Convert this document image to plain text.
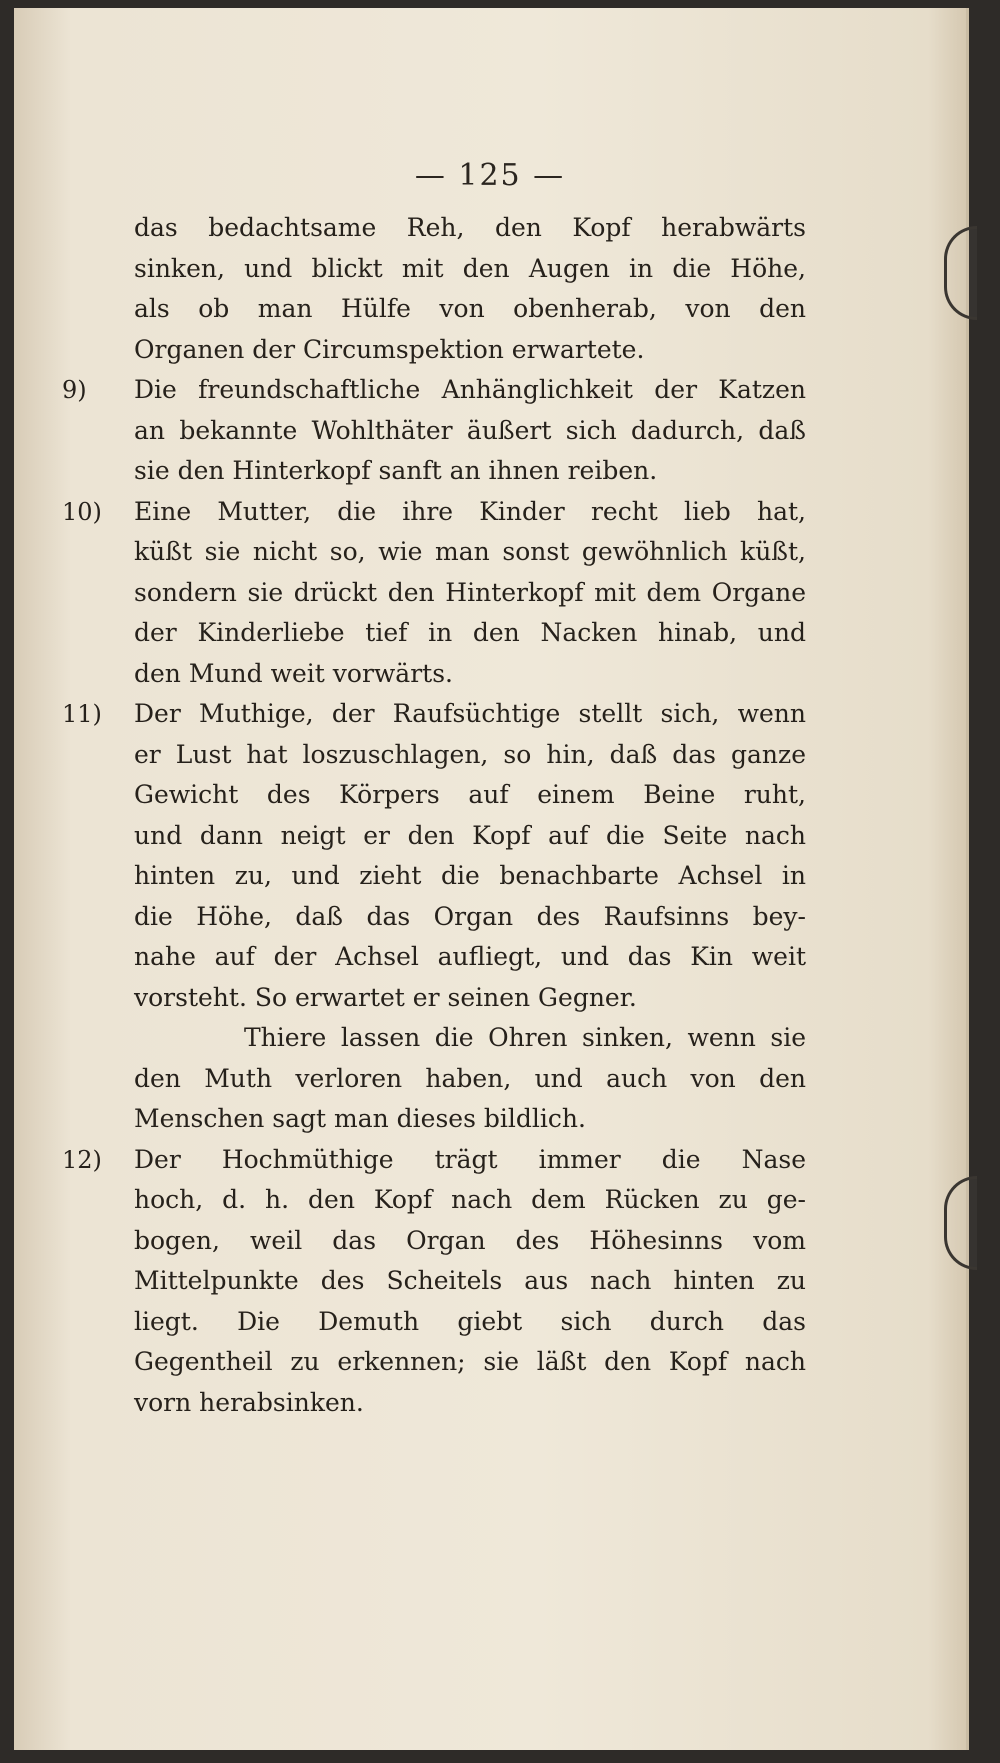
— 125 —
das bedachtsame Reh, den Kopf herabwärts
sinken, und blickt mit den Augen in die Höhe,
als ob man Hülfe von obenherab, von den
Organen der Circumspektion erwartete.
9) Die freundschaftliche Anhänglichkeit der Katzen
an bekannte Wohlthäter äußert sich dadurch, daß
sie den Hinterkopf sanft an ihnen reiben.
10) Eine Mutter, die ihre Kinder recht lieb hat,
küßt sie nicht so, wie man sonst gewöhnlich küßt,
sondern sie drückt den Hinterkopf mit dem Organe
der Kinderliebe tief in den Nacken hinab, und
den Mund weit vorwärts.
11) Der Muthige, der Raufsüchtige stellt sich, wenn
er Lust hat loszuschlagen, so hin, daß das ganze
Gewicht des Körpers auf einem Beine ruht,
und dann neigt er den Kopf auf die Seite nach
hinten zu, und zieht die benachbarte Achsel in
die Höhe, daß das Organ des Raufsinns bey-
nahe auf der Achsel aufliegt, und das Kin weit
vorsteht. So erwartet er seinen Gegner.
Thiere lassen die Ohren sinken, wenn sie
den Muth verloren haben, und auch von den
Menschen sagt man dieses bildlich.
12) Der Hochmüthige trägt immer die Nase
hoch, d. h. den Kopf nach dem Rücken zu ge-
bogen, weil das Organ des Höhesinns vom
Mittelpunkte des Scheitels aus nach hinten zu
liegt. Die Demuth giebt sich durch das
Gegentheil zu erkennen; sie läßt den Kopf nach
vorn herabsinken.
